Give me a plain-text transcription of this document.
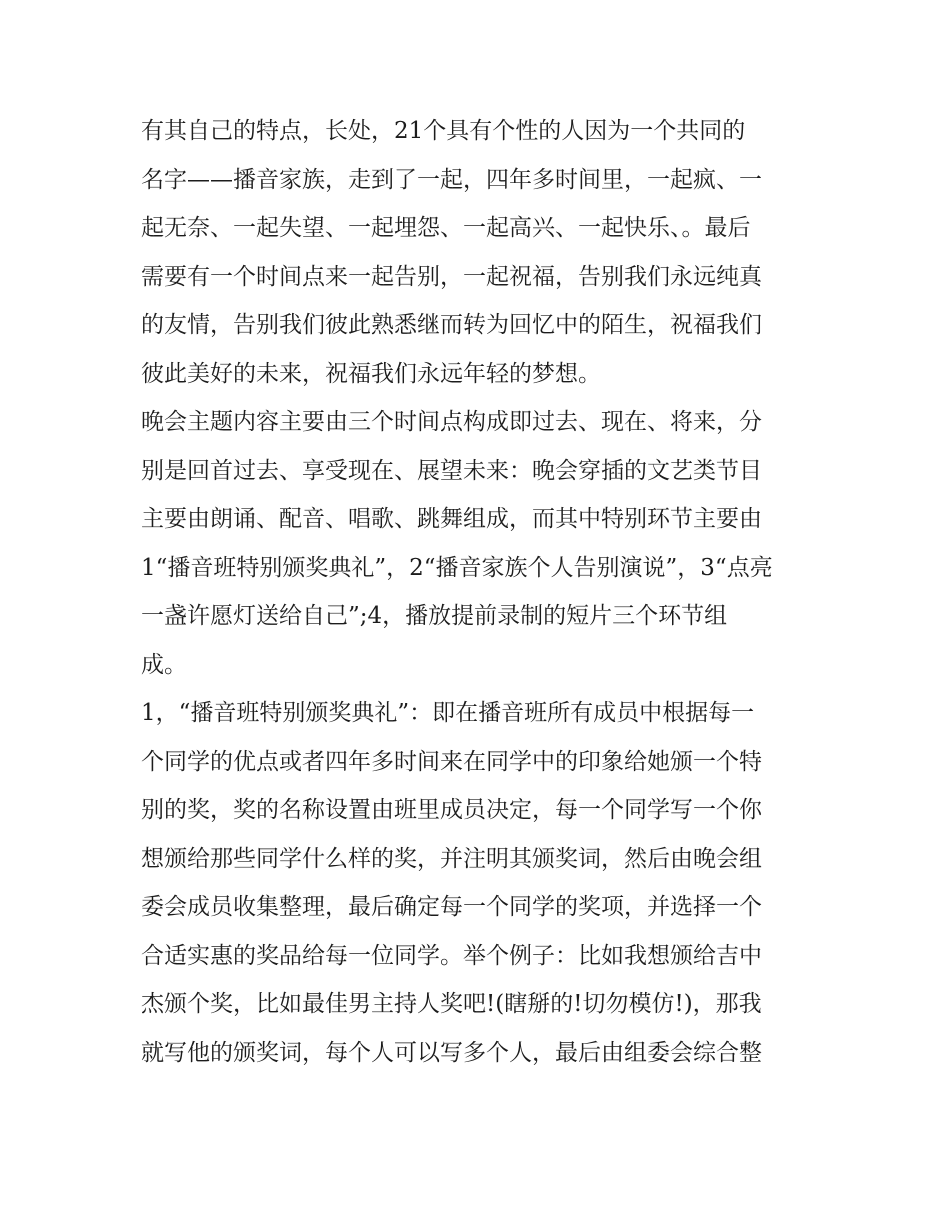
有其自己的特点，长处，21个具有个性的人因为一个共同的
名字——播音家族，走到了一起，四年多时间里，一起疯、一
起无奈、一起失望、一起埋怨、一起高兴、一起快乐、。最后
需要有一个时间点来一起告别，一起祝福，告别我们永远纯真
的友情，告别我们彼此熟悉继而转为回忆中的陌生，祝福我们
彼此美好的未来，祝福我们永远年轻的梦想。
晚会主题内容主要由三个时间点构成即过去、现在、将来，分
别是回首过去、享受现在、展望未来：晚会穿插的文艺类节目
主要由朗诵、配音、唱歌、跳舞组成，而其中特别环节主要由
1“播音班特别颁奖典礼”，2“播音家族个人告别演说”，3“点亮
一盏许愿灯送给自己”;4，播放提前录制的短片三个环节组
成。
1，“播音班特别颁奖典礼”：即在播音班所有成员中根据每一
个同学的优点或者四年多时间来在同学中的印象给她颁一个特
别的奖，奖的名称设置由班里成员决定，每一个同学写一个你
想颁给那些同学什么样的奖，并注明其颁奖词，然后由晚会组
委会成员收集整理，最后确定每一个同学的奖项，并选择一个
合适实惠的奖品给每一位同学。举个例子：比如我想颁给吉中
杰颁个奖，比如最佳男主持人奖吧!(瞎掰的!切勿模仿!)，那我
就写他的颁奖词，每个人可以写多个人，最后由组委会综合整
